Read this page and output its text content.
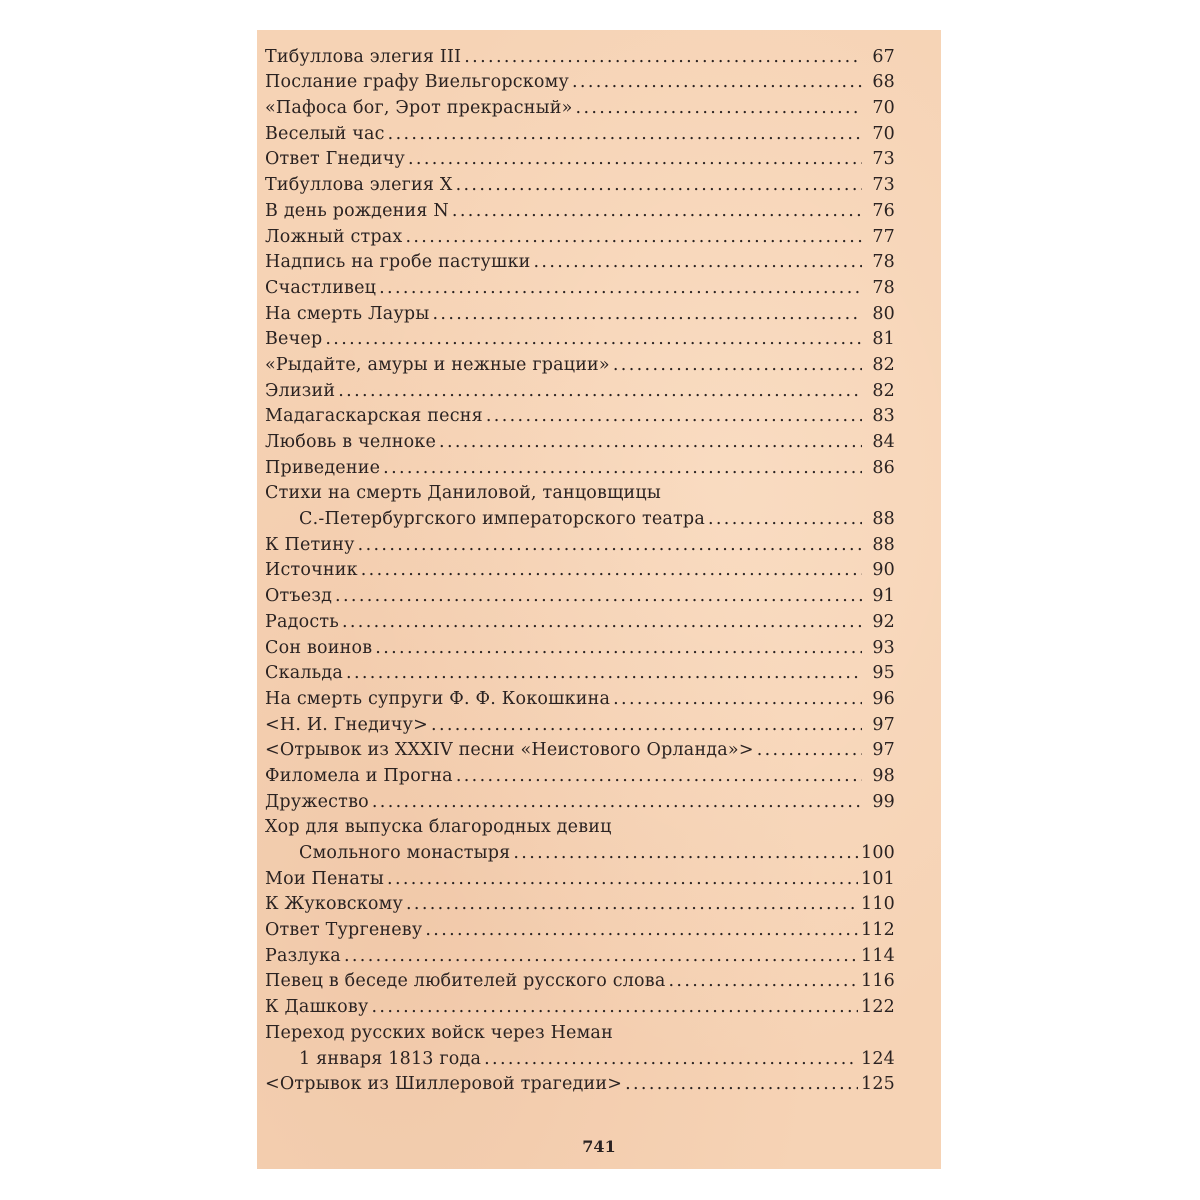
Тибуллова элегия III . . .	67
Послание графу Виельгорскому . . .	68
«Пафоса бог, Эрот прекрасный» . . .	70
Веселый час . . .	70
Ответ Гнедичу . . .	73
Тибуллова элегия X . . .	73
В день рождения N . . .	76
Ложный страх . . .	77
Надпись на гробе пастушки . . .	78
Счастливец . . .	78
На смерть Лауры . . .	80
Вечер . . .	81
«Рыдайте, амуры и нежные грации» . . .	82
Элизий . . .	82
Мадагаскарская песня . . .	83
Любовь в челноке . . .	84
Приведение . . .	86
Стихи на смерть Даниловой, танцовщицы
С.-Петербургского императорского театра . . .	88
К Петину . . .	88
Источник . . .	90
Отъезд . . .	91
Радость . . .	92
Сон воинов . . .	93
Скальда . . .	95
На смерть супруги Ф. Ф. Кокошкина . . .	96
<Н. И. Гнедичу> . . .	97
<Отрывок из XXXIV песни «Неистового Орланда»> . . .	97
Филомела и Прогна . . .	98
Дружество . . .	99
Хор для выпуска благородных девиц
Смольного монастыря . . .	100
Мои Пенаты . . .	101
К Жуковскому . . .	110
Ответ Тургеневу . . .	112
Разлука . . .	114
Певец в беседе любителей русского слова . . .	116
К Дашкову . . .	122
Переход русских войск через Неман
1 января 1813 года . . .	124
<Отрывок из Шиллеровой трагедии> . . .	125
741
